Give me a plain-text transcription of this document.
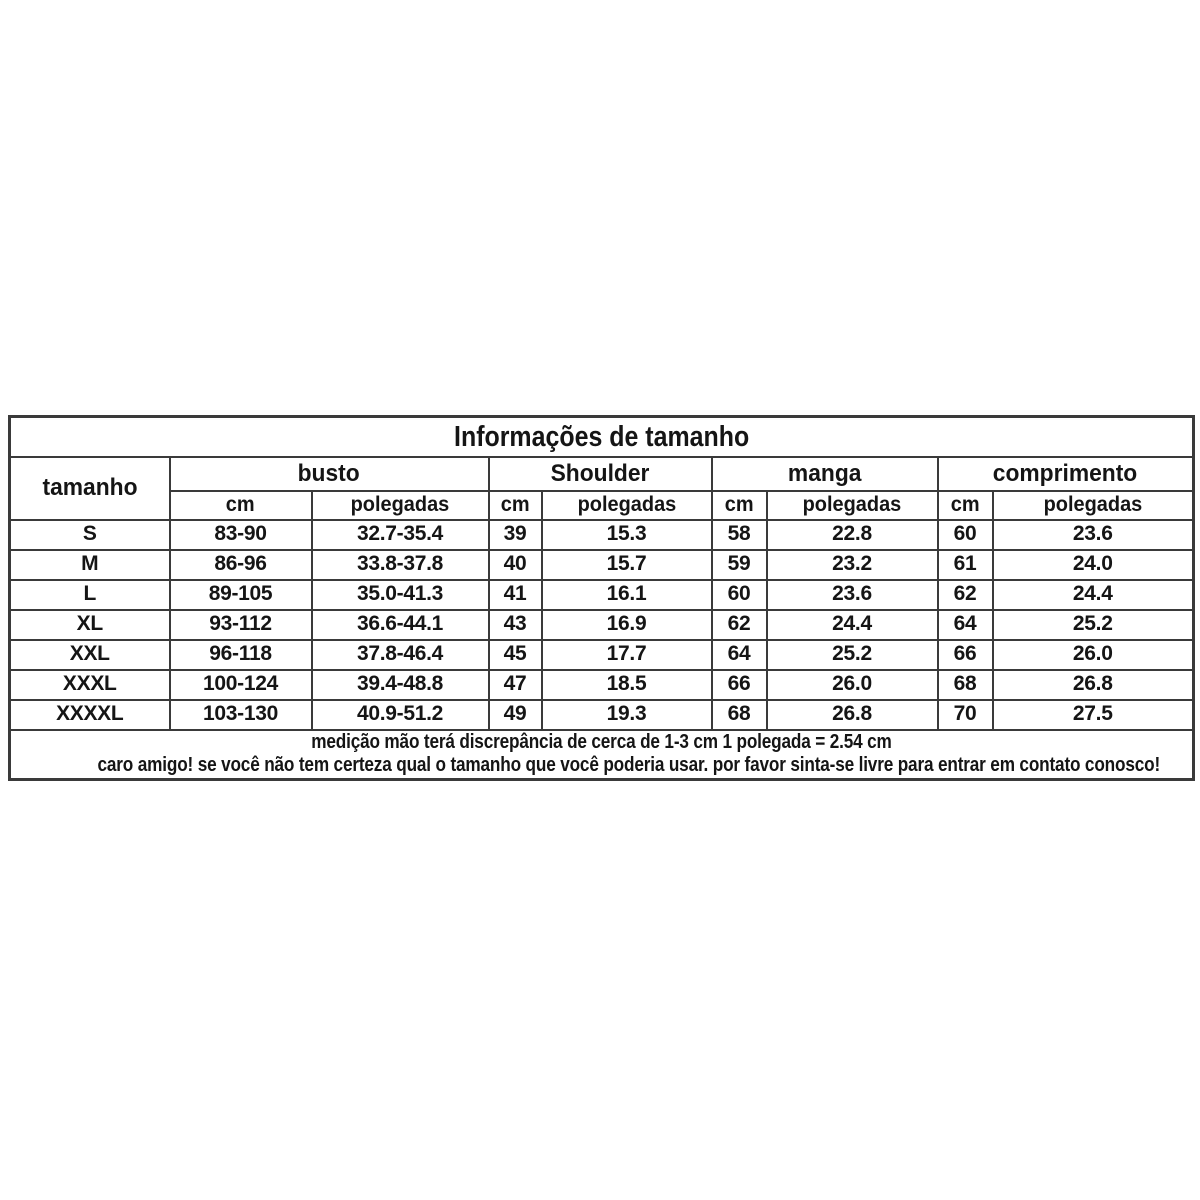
Informações de tamanho								
tamanho	busto		Shoulder		manga		comprimento	
	cm	polegadas	cm	polegadas	cm	polegadas	cm	polegadas
S	83-90	32.7-35.4	39	15.3	58	22.8	60	23.6
M	86-96	33.8-37.8	40	15.7	59	23.2	61	24.0
L	89-105	35.0-41.3	41	16.1	60	23.6	62	24.4
XL	93-112	36.6-44.1	43	16.9	62	24.4	64	25.2
XXL	96-118	37.8-46.4	45	17.7	64	25.2	66	26.0
XXXL	100-124	39.4-48.8	47	18.5	66	26.0	68	26.8
XXXXL	103-130	40.9-51.2	49	19.3	68	26.8	70	27.5

medição mão terá discrepância de cerca de 1-3 cm 1 polegada = 2.54 cm
caro amigo! se você não tem certeza qual o tamanho que você poderia usar. por favor sinta-se livre para entrar em contato conosco!								
